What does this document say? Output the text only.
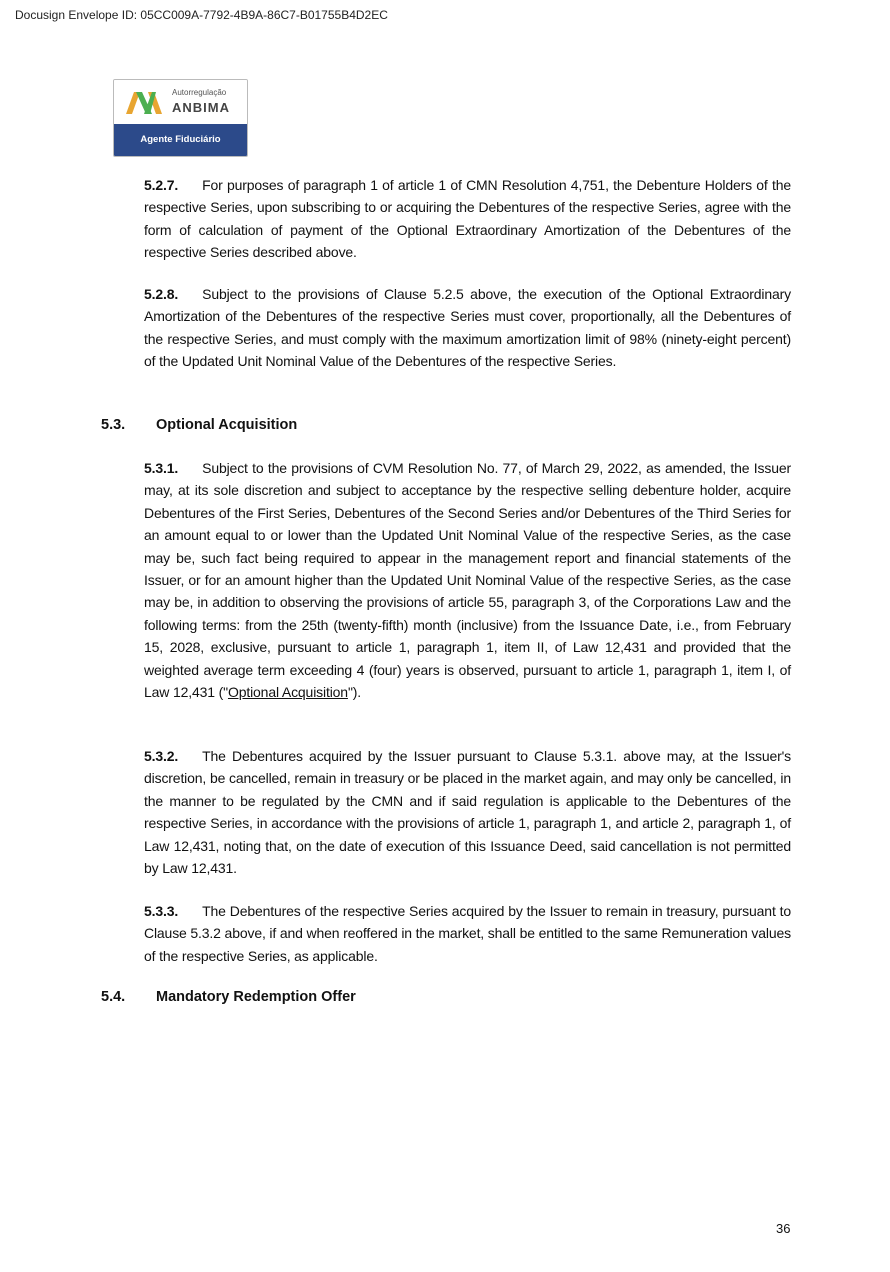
Docusign Envelope ID: 05CC009A-7792-4B9A-86C7-B01755B4D2EC
Autorregulação
ANBIMA
Agente Fiduciário
5.2.7. For purposes of paragraph 1 of article 1 of CMN Resolution 4,751, the Debenture Holders of the respective Series, upon subscribing to or acquiring the Debentures of the respective Series, agree with the form of calculation of payment of the Optional Extraordinary Amortization of the Debentures of the respective Series described above.
5.2.8. Subject to the provisions of Clause 5.2.5 above, the execution of the Optional Extraordinary Amortization of the Debentures of the respective Series must cover, proportionally, all the Debentures of the respective Series, and must comply with the maximum amortization limit of 98% (ninety-eight percent) of the Updated Unit Nominal Value of the Debentures of the respective Series.
5.3. Optional Acquisition
5.3.1. Subject to the provisions of CVM Resolution No. 77, of March 29, 2022, as amended, the Issuer may, at its sole discretion and subject to acceptance by the respective selling debenture holder, acquire Debentures of the First Series, Debentures of the Second Series and/or Debentures of the Third Series for an amount equal to or lower than the Updated Unit Nominal Value of the respective Series, as the case may be, such fact being required to appear in the management report and financial statements of the Issuer, or for an amount higher than the Updated Unit Nominal Value of the respective Series, as the case may be, in addition to observing the provisions of article 55, paragraph 3, of the Corporations Law and the following terms: from the 25th (twenty-fifth) month (inclusive) from the Issuance Date, i.e., from February 15, 2028, exclusive, pursuant to article 1, paragraph 1, item II, of Law 12,431 and provided that the weighted average term exceeding 4 (four) years is observed, pursuant to article 1, paragraph 1, item I, of Law 12,431 ("Optional Acquisition").
5.3.2. The Debentures acquired by the Issuer pursuant to Clause 5.3.1. above may, at the Issuer's discretion, be cancelled, remain in treasury or be placed in the market again, and may only be cancelled, in the manner to be regulated by the CMN and if said regulation is applicable to the Debentures of the respective Series, in accordance with the provisions of article 1, paragraph 1, and article 2, paragraph 1, of Law 12,431, noting that, on the date of execution of this Issuance Deed, said cancellation is not permitted by Law 12,431.
5.3.3. The Debentures of the respective Series acquired by the Issuer to remain in treasury, pursuant to Clause 5.3.2 above, if and when reoffered in the market, shall be entitled to the same Remuneration values of the respective Series, as applicable.
5.4. Mandatory Redemption Offer
36
